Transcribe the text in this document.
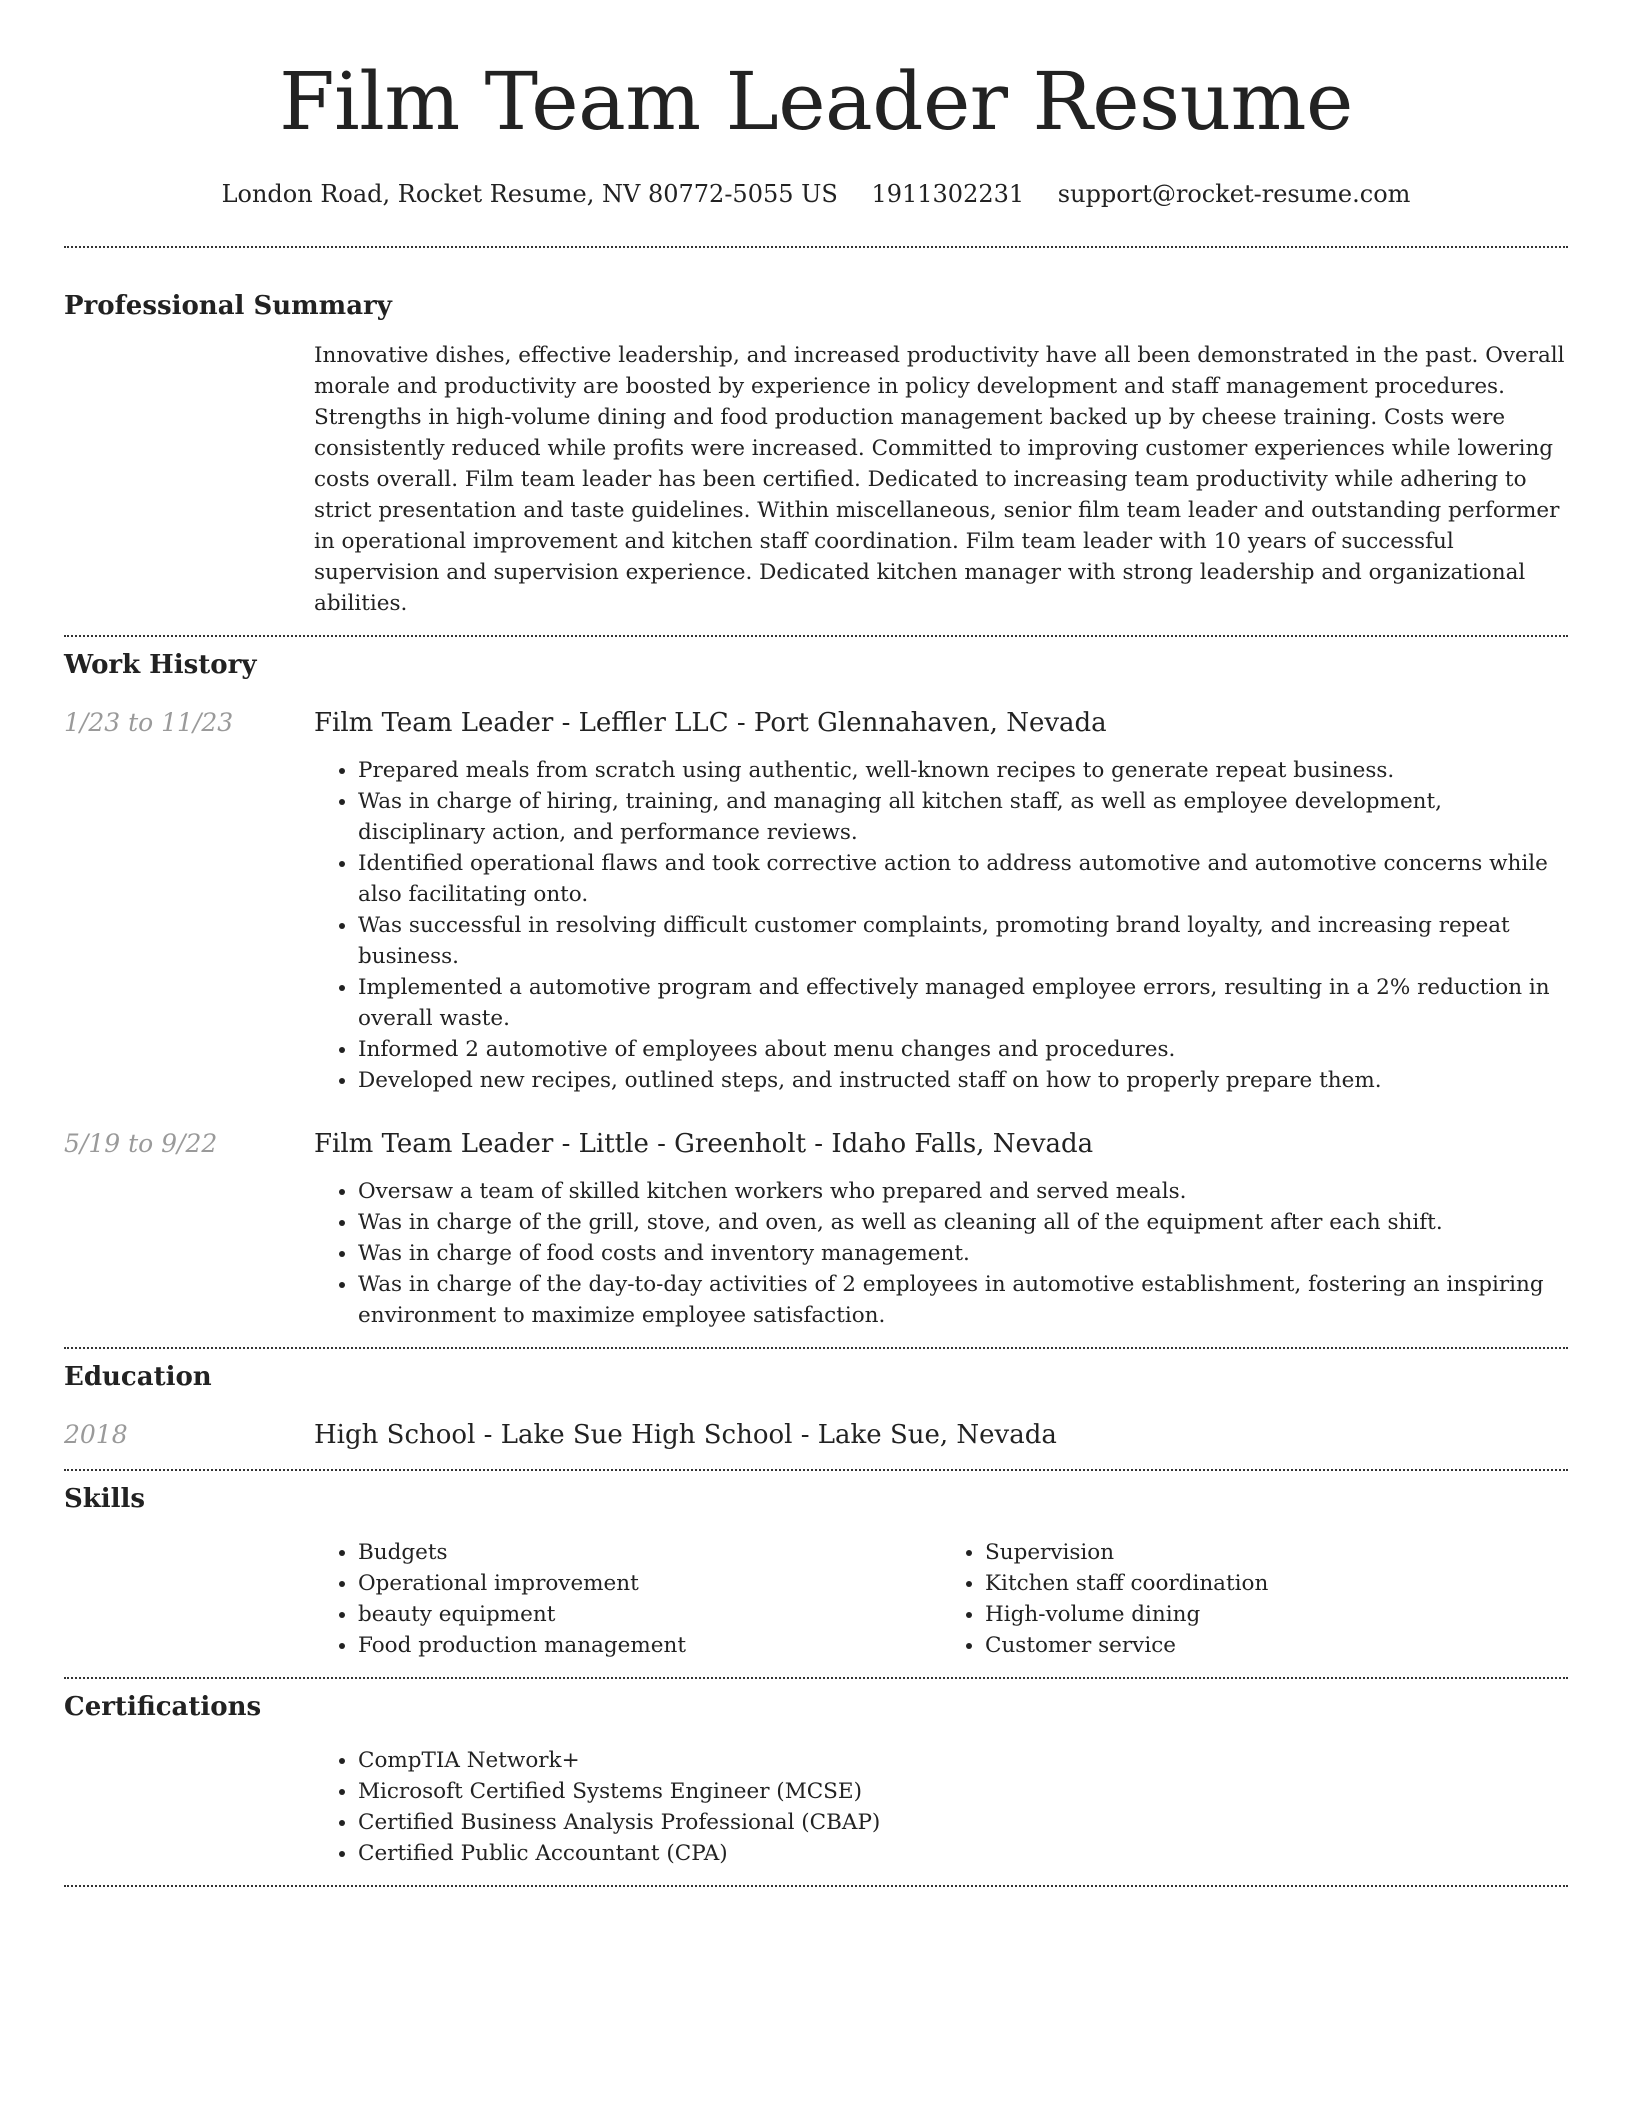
Film Team Leader Resume
London Road, Rocket Resume, NV 80772-5055 US 1911302231 support@rocket-resume.com
Professional Summary

Innovative dishes, effective leadership, and increased productivity have all been demonstrated in the past. Overall morale and productivity are boosted by experience in policy development and staff management procedures. Strengths in high-volume dining and food production management backed up by cheese training. Costs were consistently reduced while profits were increased. Committed to improving customer experiences while lowering costs overall. Film team leader has been certified. Dedicated to increasing team productivity while adhering to strict presentation and taste guidelines. Within miscellaneous, senior film team leader and outstanding performer in operational improvement and kitchen staff coordination. Film team leader with 10 years of successful supervision and supervision experience. Dedicated kitchen manager with strong leadership and organizational abilities.

Work History
1/23 to 11/23	Film Team Leader - Leffler LLC - Port Glennahaven, Nevada
• Prepared meals from scratch using authentic, well-known recipes to generate repeat business.
• Was in charge of hiring, training, and managing all kitchen staff, as well as employee development, disciplinary action, and performance reviews.
• Identified operational flaws and took corrective action to address automotive and automotive concerns while also facilitating onto.
• Was successful in resolving difficult customer complaints, promoting brand loyalty, and increasing repeat business.
• Implemented a automotive program and effectively managed employee errors, resulting in a 2% reduction in overall waste.
• Informed 2 automotive of employees about menu changes and procedures.
• Developed new recipes, outlined steps, and instructed staff on how to properly prepare them.
5/19 to 9/22	Film Team Leader - Little - Greenholt - Idaho Falls, Nevada
• Oversaw a team of skilled kitchen workers who prepared and served meals.
• Was in charge of the grill, stove, and oven, as well as cleaning all of the equipment after each shift.
• Was in charge of food costs and inventory management.
• Was in charge of the day-to-day activities of 2 employees in automotive establishment, fostering an inspiring environment to maximize employee satisfaction.
Education
2018	High School - Lake Sue High School - Lake Sue, Nevada
Skills
• Budgets
• Operational improvement
• beauty equipment
• Food production management
• Supervision
• Kitchen staff coordination
• High-volume dining
• Customer service
Certifications
• CompTIA Network+
• Microsoft Certified Systems Engineer (MCSE)
• Certified Business Analysis Professional (CBAP)
• Certified Public Accountant (CPA)
